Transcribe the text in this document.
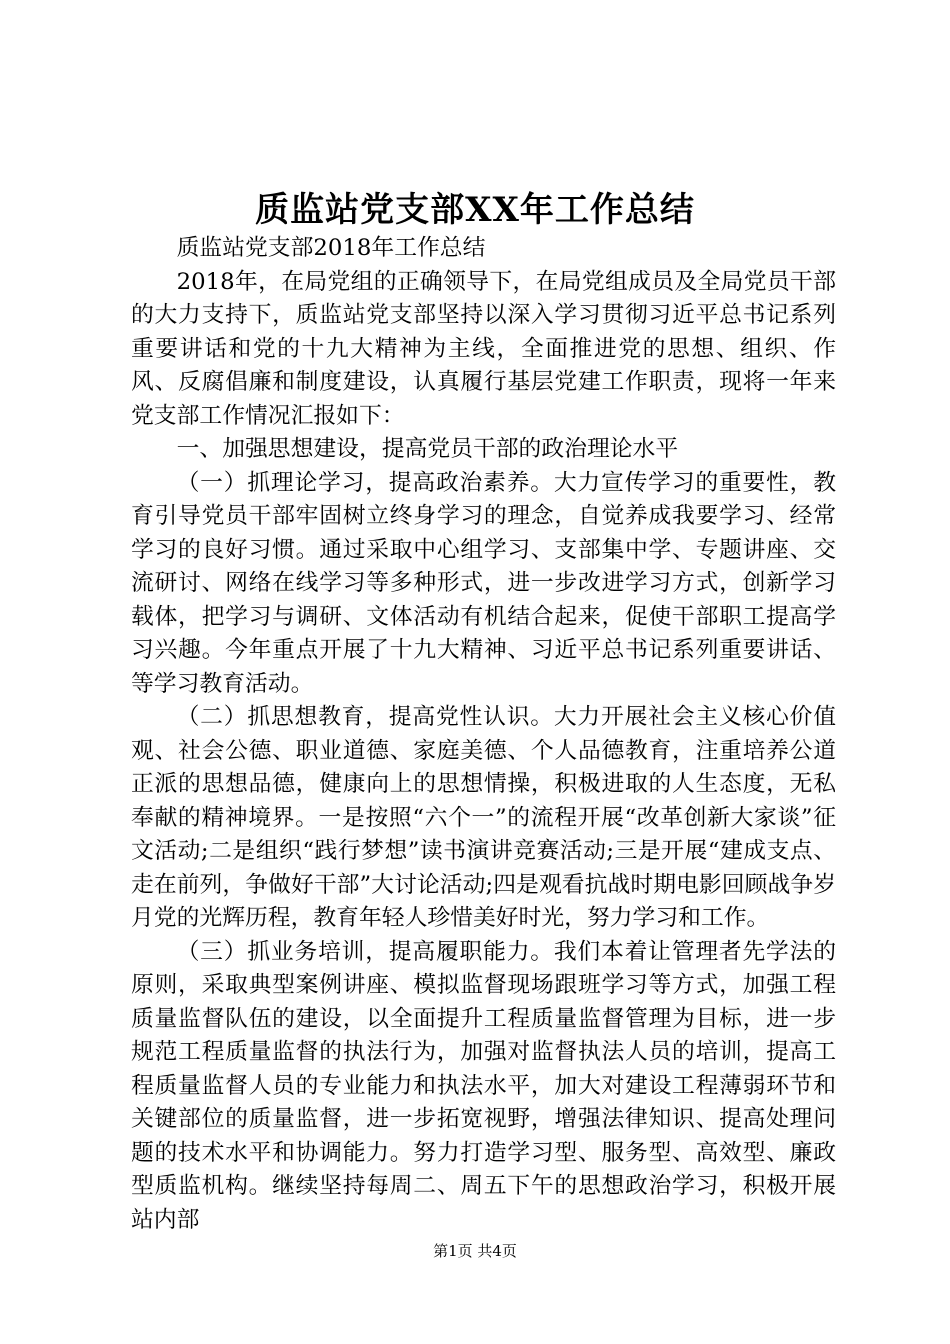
质监站党支部XX年工作总结

质监站党支部2018年工作总结

2018年，在局党组的正确领导下，在局党组成员及全局党员干部的大力支持下，质监站党支部坚持以深入学习贯彻习近平总书记系列重要讲话和党的十九大精神为主线，全面推进党的思想、组织、作风、反腐倡廉和制度建设，认真履行基层党建工作职责，现将一年来党支部工作情况汇报如下：

一、加强思想建设，提高党员干部的政治理论水平

（一）抓理论学习，提高政治素养。大力宣传学习的重要性，教育引导党员干部牢固树立终身学习的理念，自觉养成我要学习、经常学习的良好习惯。通过采取中心组学习、支部集中学、专题讲座、交流研讨、网络在线学习等多种形式，进一步改进学习方式，创新学习载体，把学习与调研、文体活动有机结合起来，促使干部职工提高学习兴趣。今年重点开展了十九大精神、习近平总书记系列重要讲话、等学习教育活动。

（二）抓思想教育，提高党性认识。大力开展社会主义核心价值观、社会公德、职业道德、家庭美德、个人品德教育，注重培养公道正派的思想品德，健康向上的思想情操，积极进取的人生态度，无私奉献的精神境界。一是按照“六个一”的流程开展“改革创新大家谈”征文活动;二是组织“践行梦想”读书演讲竞赛活动;三是开展“建成支点、走在前列，争做好干部”大讨论活动;四是观看抗战时期电影回顾战争岁月党的光辉历程，教育年轻人珍惜美好时光，努力学习和工作。

（三）抓业务培训，提高履职能力。我们本着让管理者先学法的原则，采取典型案例讲座、模拟监督现场跟班学习等方式，加强工程质量监督队伍的建设，以全面提升工程质量监督管理为目标，进一步规范工程质量监督的执法行为，加强对监督执法人员的培训，提高工程质量监督人员的专业能力和执法水平，加大对建设工程薄弱环节和关键部位的质量监督，进一步拓宽视野，增强法律知识、提高处理问题的技术水平和协调能力。努力打造学习型、服务型、高效型、廉政型质监机构。继续坚持每周二、周五下午的思想政治学习，积极开展站内部

第1页 共4页
